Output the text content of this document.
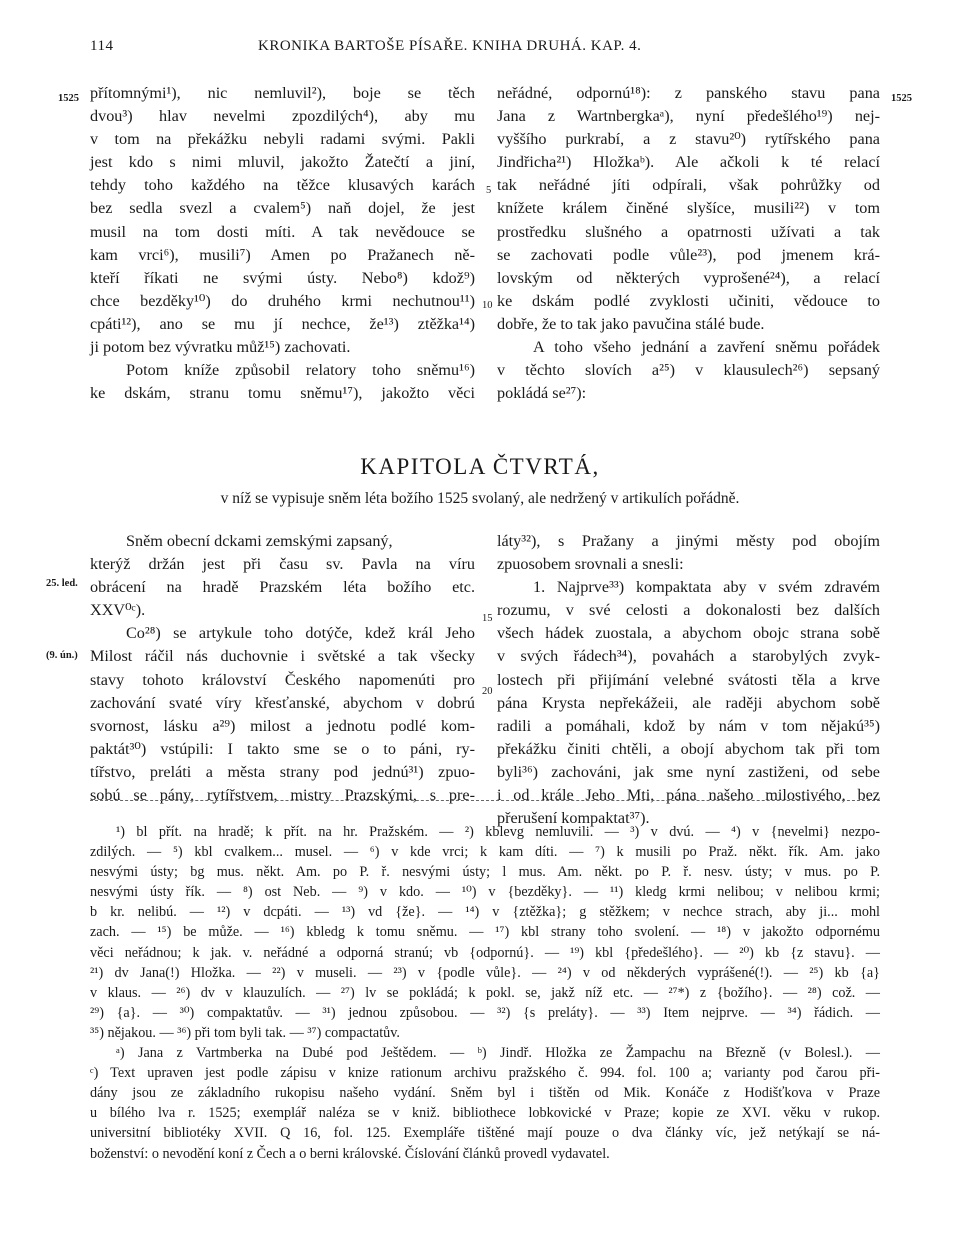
114	KRONIKA BARTOŠE PÍSAŘE. KNIHA DRUHÁ. KAP. 4.
1525	1525
5
10
15
20
25. led.
(9. ún.)
přítomnými¹), nic nemluvil²), boje se těch
dvou³) hlav nevelmi zpozdilých⁴), aby mu
v tom na překážku nebyli radami svými. Pakli
jest kdo s nimi mluvil, jakožto Žatečtí a jiní,
tehdy toho každého na těžce klusavých karách
bez sedla svezl a cvalem⁵) naň dojel, že jest
musil na tom dosti míti. A tak nevědouce se
kam vrci⁶), musili⁷) Amen po Pražanech ně-
kteří říkati ne svými ústy. Nebo⁸) kdož⁹)
chce bezděky¹⁰) do druhého krmi nechutnou¹¹)
cpáti¹²), ano se mu jí nechce, že¹³) ztěžka¹⁴)
ji potom bez vývratku můž¹⁵) zachovati.
Potom kníže způsobil relatory toho sněmu¹⁶)
ke dskám, stranu tomu sněmu¹⁷), jakožto věci
neřádné, odpornú¹⁸): z panského stavu pana
Jana z Wartnbergkaᵃ), nyní předešlého¹⁹) nej-
vyššího purkrabí, a z stavu²⁰) rytířského pana
Jindřicha²¹) Hložkaᵇ). Ale ačkoli k té relací
tak neřádné jíti odpírali, však pohrůžky od
knížete králem činěné slyšíce, musili²²) v tom
prostředku slušného a opatrnosti užívati a tak
se zachovati podle vůle²³), pod jmenem krá-
lovským od některých vyprošené²⁴), a relací
ke dskám podlé zvyklosti učiniti, vědouce to
dobře, že to tak jako pavučina stálé bude.
A toho všeho jednání a zavření sněmu pořádek
v těchto slovích a²⁵) v klausulech²⁶) sepsaný
pokládá se²⁷):
KAPITOLA ČTVRTÁ,
v níž se vypisuje sněm léta božího 1525 svolaný, ale nedržený v artikulích pořádně.
Sněm obecní dckami zemskými zapsaný,
kterýž držán jest při času sv. Pavla na víru
obrácení na hradě Prazském léta božího etc.
XXV⁰ᶜ).
Co²⁸) se artykule toho dotýče, kdež král Jeho
Milost ráčil nás duchovnie i světské a tak všecky
stavy tohoto království Českého napomenúti pro
zachování svaté víry křesťanské, abychom v dobrú
svornost, lásku a²⁹) milost a jednotu podlé kom-
paktát³⁰) vstúpili: I takto sme se o to páni, ry-
tířstvo, preláti a města strany pod jednú³¹) zpuo-
sobú se pány, rytířstvem, mistry Prazskými, s pre-
láty³²), s Pražany a jinými městy pod obojím
zpuosobem srovnali a snesli:
1. Najprve³³) kompaktata aby v svém zdravém
rozumu, v své celosti a dokonalosti bez dalších
všech hádek zuostala, a abychom obojc strana sobě
v svých řádech³⁴), povahách a starobylých zvyk-
lostech při přijímání velebné svátosti těla a krve
pána Krysta nepřekážeii, ale raději abychom sobě
radili a pomáhali, kdož by nám v tom nějakú³⁵)
překážku činiti chtěli, a obojí abychom tak při tom
byli³⁶) zachováni, jak sme nyní zastiženi, od sebe
i od krále Jeho Mti, pána našeho milostivého, bez
přerušení kompaktat³⁷).
¹) bl přít. na hradě; k přít. na hr. Pražském. — ²) kblevg nemluvili. — ³) v dvú. — ⁴) v {nevelmi} nezpo-
zdilých. — ⁵) kbl cvalkem... musel. — ⁶) v kde vrci; k kam díti. — ⁷) k musili po Praž. někt. řík. Am. jako
nesvými ústy; bg mus. někt. Am. po P. ř. nesvými ústy; l mus. Am. někt. po P. ř. nesv. ústy; v mus. po P.
nesvými ústy řík. — ⁸) ost Neb. — ⁹) v kdo. — ¹⁰) v {bezděky}. — ¹¹) kledg krmi nelibou; v nelibou krmi;
b kr. nelibú. — ¹²) v dcpáti. — ¹³) vd {že}. — ¹⁴) v {ztěžka}; g stěžkem; v nechce strach, aby ji... mohl
zach. — ¹⁵) be může. — ¹⁶) kbledg k tomu sněmu. — ¹⁷) kbl strany toho svolení. — ¹⁸) v jakožto odpornému
věci neřádnou; k jak. v. neřádné a odporná stranú; vb {odpornú}. — ¹⁹) kbl {předešlého}. — ²⁰) kb {z stavu}. —
²¹) dv Jana(!) Hložka. — ²²) v museli. — ²³) v {podle vůle}. — ²⁴) v od někderých vyprášené(!). — ²⁵) kb {a}
v klaus. — ²⁶) dv v klauzulích. — ²⁷) lv se pokládá; k pokl. se, jakž níž etc. — ²⁷*) z {božího}. — ²⁸) což. —
²⁹) {a}. — ³⁰) compaktatův. — ³¹) jednou způsobou. — ³²) {s preláty}. — ³³) Item nejprve. — ³⁴) řádich. —
³⁵) nějakou. — ³⁶) při tom byli tak. — ³⁷) compactatův.
ᵃ) Jana z Vartmberka na Dubé pod Ještědem. — ᵇ) Jindř. Hložka ze Žampachu na Březně (v Bolesl.). —
ᶜ) Text upraven jest podle zápisu v knize rationum archivu pražského č. 994. fol. 100 a; varianty pod čarou při-
dány jsou ze základního rukopisu našeho vydání. Sněm byl i tištěn od Mik. Konáče z Hodišťkova v Praze
u bílého lva r. 1525; exemplář naléza se v kniž. bibliothece lobkovické v Praze; kopie ze XVI. věku v rukop.
universitní bibliotéky XVII. Q 16, fol. 125. Exempláře tištěné mají pouze o dva články víc, jež netýkají se ná-
boženství: o nevodění koní z Čech a o berni královské. Číslování článků provedl vydavatel.
